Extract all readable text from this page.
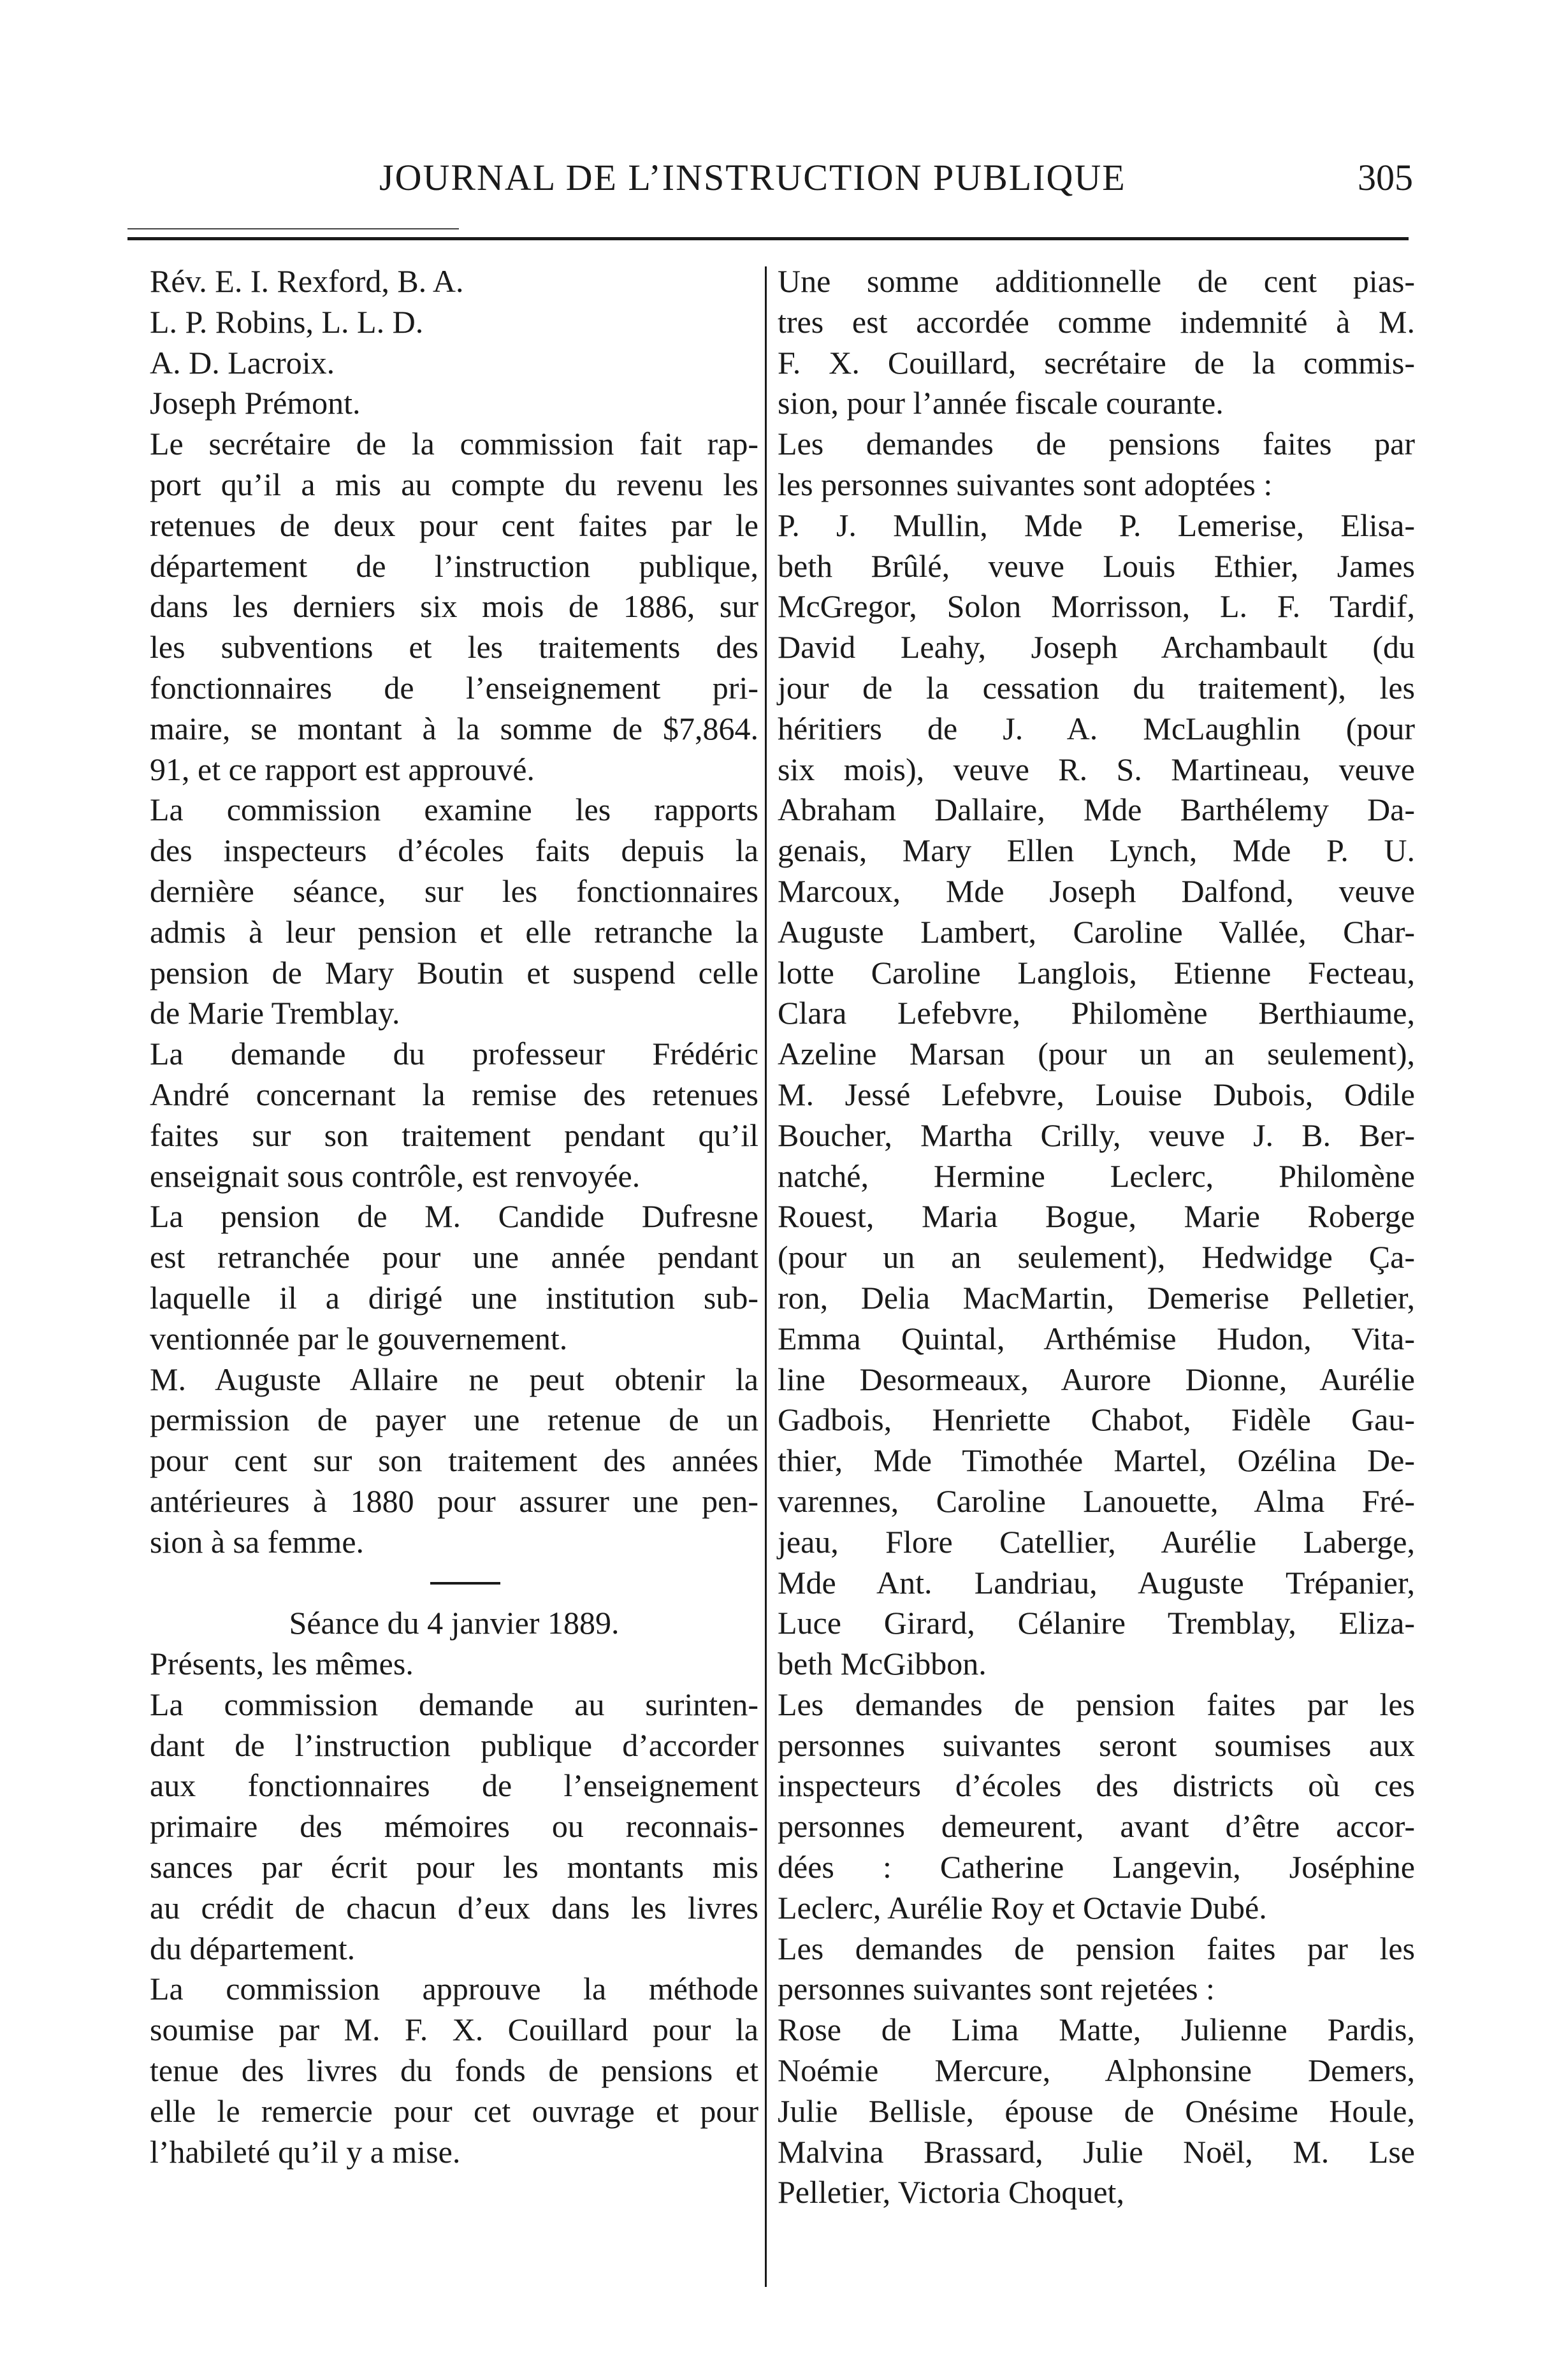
JOURNAL DE L’INSTRUCTION PUBLIQUE	305
Rév. E. I. Rexford, B. A.
L. P. Robins, L. L. D.
A. D. Lacroix.
Joseph Prémont.
Le secrétaire de la commission fait rap-
port qu’il a mis au compte du revenu les
retenues de deux pour cent faites par le
département de l’instruction publique,
dans les derniers six mois de 1886, sur
les subventions et les traitements des
fonctionnaires de l’enseignement pri-
maire, se montant à la somme de $7,864.
91, et ce rapport est approuvé.
La commission examine les rapports
des inspecteurs d’écoles faits depuis la
dernière séance, sur les fonctionnaires
admis à leur pension et elle retranche la
pension de Mary Boutin et suspend celle
de Marie Tremblay.
La demande du professeur Frédéric
André concernant la remise des retenues
faites sur son traitement pendant qu’il
enseignait sous contrôle, est renvoyée.
La pension de M. Candide Dufresne
est retranchée pour une année pendant
laquelle il a dirigé une institution sub-
ventionnée par le gouvernement.
M. Auguste Allaire ne peut obtenir la
permission de payer une retenue de un
pour cent sur son traitement des années
antérieures à 1880 pour assurer une pen-
sion à sa femme.
Séance du 4 janvier 1889.
Présents, les mêmes.
La commission demande au surinten-
dant de l’instruction publique d’accorder
aux fonctionnaires de l’enseignement
primaire des mémoires ou reconnais-
sances par écrit pour les montants mis
au crédit de chacun d’eux dans les livres
du département.
La commission approuve la méthode
soumise par M. F. X. Couillard pour la
tenue des livres du fonds de pensions et
elle le remercie pour cet ouvrage et pour
l’habileté qu’il y a mise.
Une somme additionnelle de cent pias-
tres est accordée comme indemnité à M.
F. X. Couillard, secrétaire de la commis-
sion, pour l’année fiscale courante.
Les demandes de pensions faites par
les personnes suivantes sont adoptées :
P. J. Mullin, Mde P. Lemerise, Elisa-
beth Brûlé, veuve Louis Ethier, James
McGregor, Solon Morrisson, L. F. Tardif,
David Leahy, Joseph Archambault (du
jour de la cessation du traitement), les
héritiers de J. A. McLaughlin (pour
six mois), veuve R. S. Martineau, veuve
Abraham Dallaire, Mde Barthélemy Da-
genais, Mary Ellen Lynch, Mde P. U.
Marcoux, Mde Joseph Dalfond, veuve
Auguste Lambert, Caroline Vallée, Char-
lotte Caroline Langlois, Etienne Fecteau,
Clara Lefebvre, Philomène Berthiaume,
Azeline Marsan (pour un an seulement),
M. Jessé Lefebvre, Louise Dubois, Odile
Boucher, Martha Crilly, veuve J. B. Ber-
natché, Hermine Leclerc, Philomène
Rouest, Maria Bogue, Marie Roberge
(pour un an seulement), Hedwidge Ça-
ron, Delia MacMartin, Demerise Pelletier,
Emma Quintal, Arthémise Hudon, Vita-
line Desormeaux, Aurore Dionne, Aurélie
Gadbois, Henriette Chabot, Fidèle Gau-
thier, Mde Timothée Martel, Ozélina De-
varennes, Caroline Lanouette, Alma Fré-
jeau, Flore Catellier, Aurélie Laberge,
Mde Ant. Landriau, Auguste Trépanier,
Luce Girard, Célanire Tremblay, Eliza-
beth McGibbon.
Les demandes de pension faites par les
personnes suivantes seront soumises aux
inspecteurs d’écoles des districts où ces
personnes demeurent, avant d’être accor-
dées : Catherine Langevin, Joséphine
Leclerc, Aurélie Roy et Octavie Dubé.
Les demandes de pension faites par les
personnes suivantes sont rejetées :
Rose de Lima Matte, Julienne Pardis,
Noémie Mercure, Alphonsine Demers,
Julie Bellisle, épouse de Onésime Houle,
Malvina Brassard, Julie Noël, M. Lse
Pelletier, Victoria Choquet,
